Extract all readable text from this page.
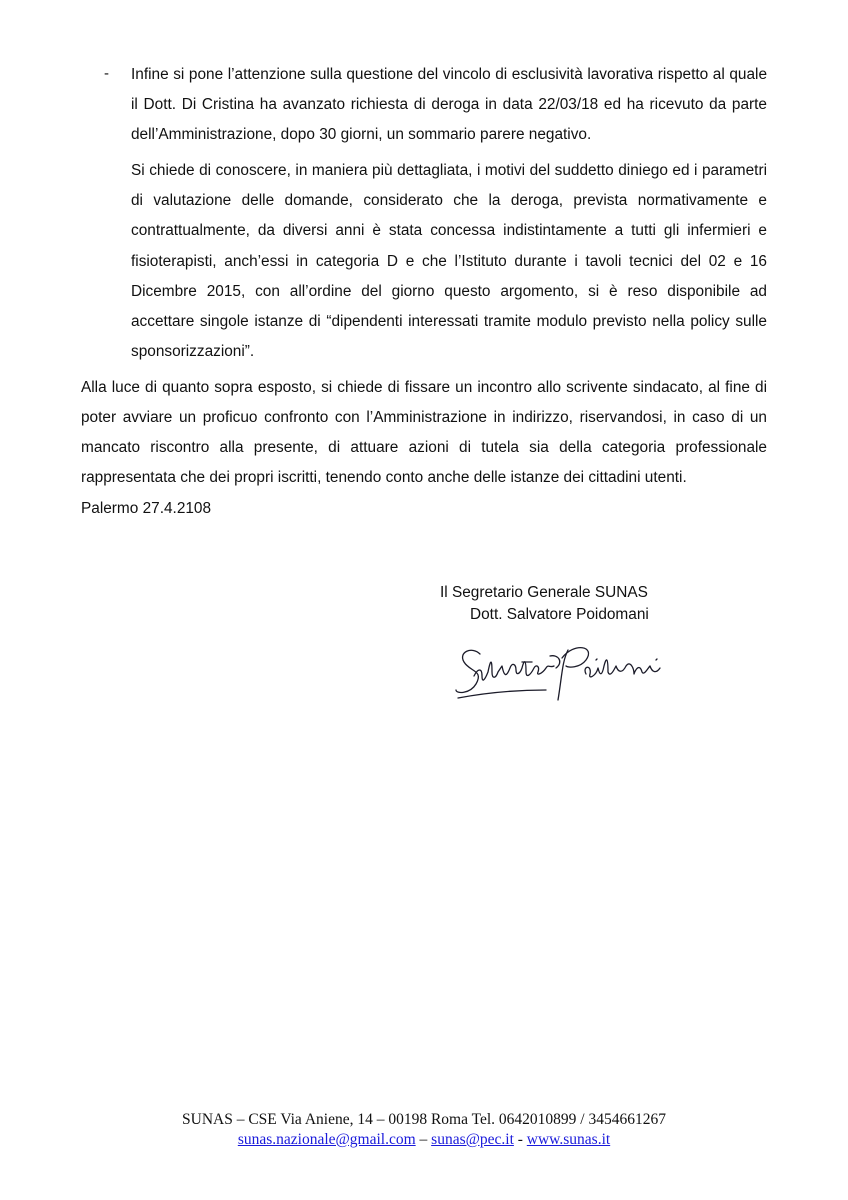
- Infine si pone l’attenzione sulla questione del vincolo di esclusività lavorativa rispetto al quale il Dott. Di Cristina ha avanzato richiesta di deroga in data 22/03/18 ed ha ricevuto da parte dell’Amministrazione, dopo 30 giorni, un sommario parere negativo.

Si chiede di conoscere, in maniera più dettagliata, i motivi del suddetto diniego ed i parametri di valutazione delle domande, considerato che la deroga, prevista normativamente e contrattualmente, da diversi anni è stata concessa indistintamente a tutti gli infermieri e fisioterapisti, anch’essi in categoria D e che l’Istituto durante i tavoli tecnici del 02 e 16 Dicembre 2015, con all’ordine del giorno questo argomento, si è reso disponibile ad accettare singole istanze di “dipendenti interessati tramite modulo previsto nella policy sulle sponsorizzazioni”.

Alla luce di quanto sopra esposto, si chiede di fissare un incontro allo scrivente sindacato, al fine di poter avviare un proficuo confronto con l’Amministrazione in indirizzo, riservandosi, in caso di un mancato riscontro alla presente, di attuare azioni di tutela sia della categoria professionale rappresentata che dei propri iscritti, tenendo conto anche delle istanze dei cittadini utenti.

Palermo 27.4.2108
Il Segretario Generale SUNAS
Dott. Salvatore Poidomani
SUNAS – CSE Via Aniene, 14 – 00198 Roma Tel. 0642010899 / 3454661267
sunas.nazionale@gmail.com – sunas@pec.it - www.sunas.it
